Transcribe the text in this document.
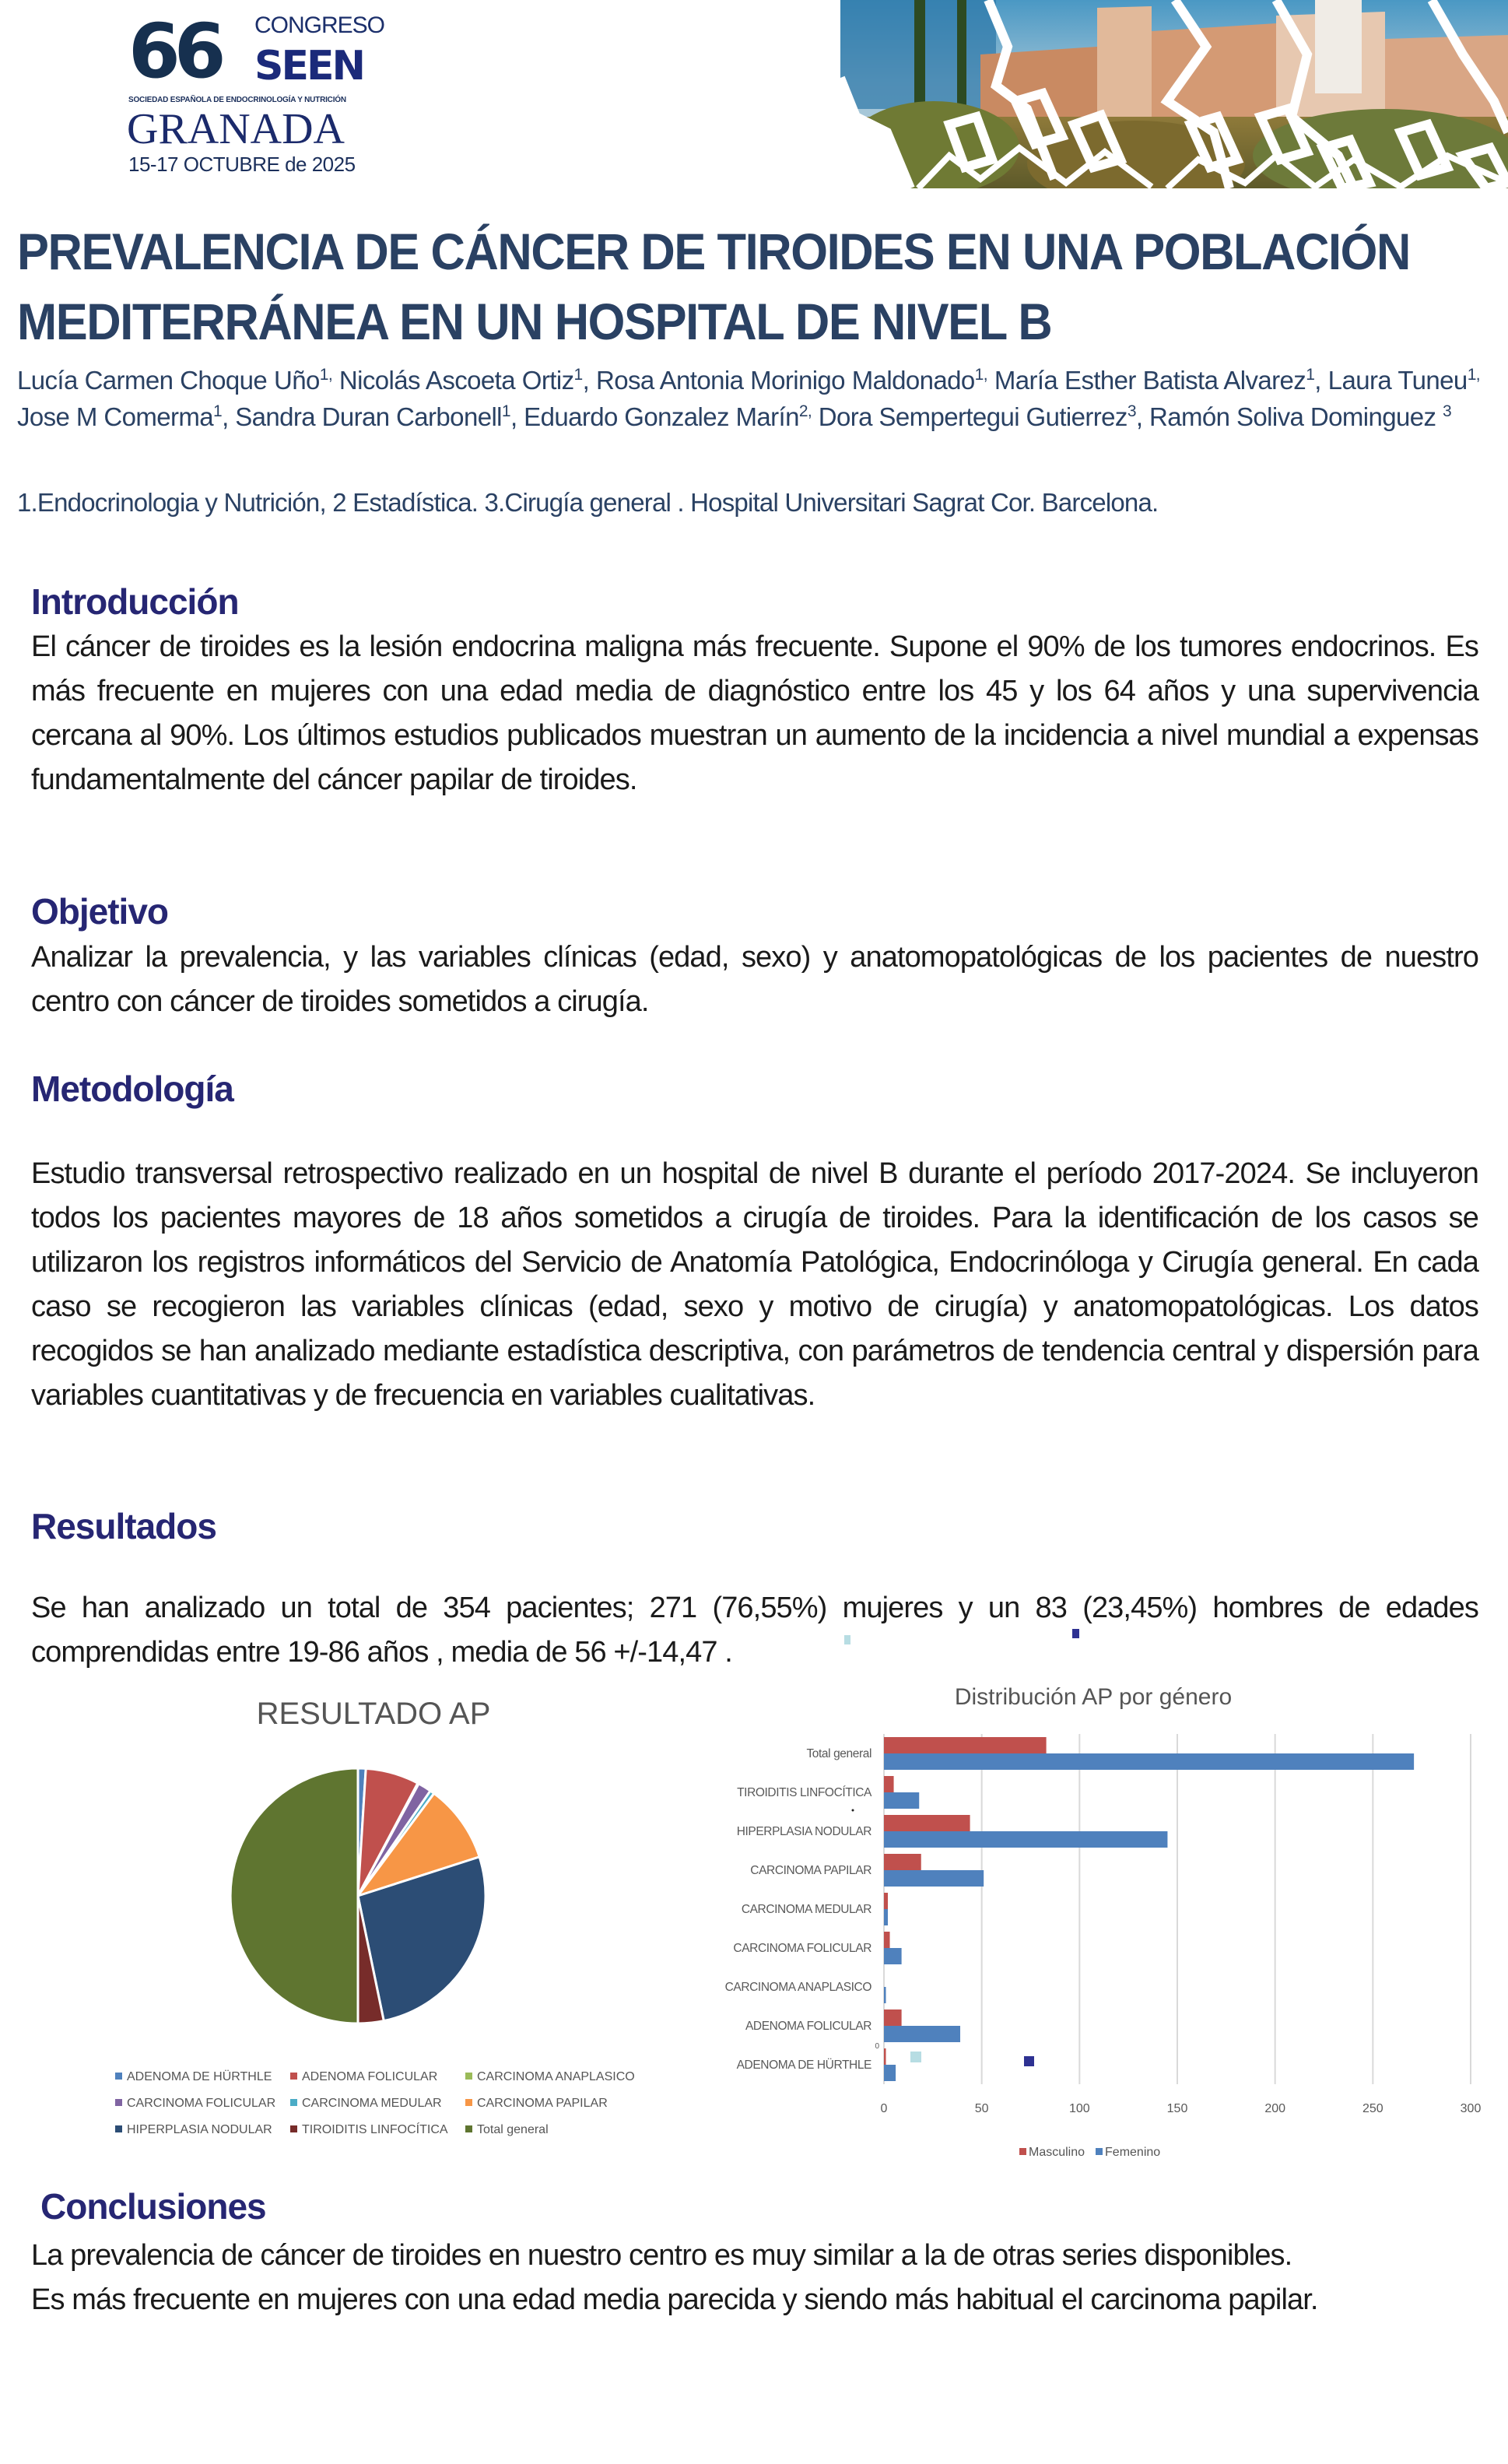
66 CONGRESO
SEEN
SOCIEDAD ESPAÑOLA DE ENDOCRINOLOGÍA Y NUTRICIÓN
GRANADA
15-17 OCTUBRE de 2025
PREVALENCIA DE CÁNCER DE TIROIDES EN UNA POBLACIÓN
MEDITERRÁNEA EN UN HOSPITAL DE NIVEL B
Lucía Carmen Choque Uño$^{1,}$ Nicolás Ascoeta Ortiz$^1$, Rosa Antonia Morinigo Maldonado$^{1,}$ María Esther Batista Alvarez$^1$, Laura Tuneu$^{1,}$ Jose M Comerma$^1$, Sandra Duran Carbonell$^1$, Eduardo Gonzalez Marín$^{2,}$ Dora Sempertegui Gutierrez$^3$, Ramón Soliva Dominguez $^3$
1.Endocrinologia y Nutrición, 2 Estadística. 3.Cirugía general . Hospital Universitari Sagrat Cor. Barcelona.
Introducción
El cáncer de tiroides es la lesión endocrina maligna más frecuente. Supone el 90% de los tumores endocrinos. Es más frecuente en mujeres con una edad media de diagnóstico entre los 45 y los 64 años y una supervivencia cercana al 90%. Los últimos estudios publicados muestran un aumento de la incidencia a nivel mundial a expensas fundamentalmente del cáncer papilar de tiroides.
Objetivo
Analizar la prevalencia, y las variables clínicas (edad, sexo) y anatomopatológicas de los pacientes de nuestro centro con cáncer de tiroides sometidos a cirugía.
Metodología
Estudio transversal retrospectivo realizado en un hospital de nivel B durante el período 2017-2024. Se incluyeron todos los pacientes mayores de 18 años sometidos a cirugía de tiroides. Para la identificación de los casos se utilizaron los registros informáticos del Servicio de Anatomía Patológica, Endocrinóloga y Cirugía general. En cada caso se recogieron las variables clínicas (edad, sexo y motivo de cirugía) y anatomopatológicas. Los datos recogidos se han analizado mediante estadística descriptiva, con parámetros de tendencia central y dispersión para variables cuantitativas y de frecuencia en variables cualitativas.
Resultados
Se han analizado un total de 354 pacientes; 271 (76,55%) mujeres y un 83 (23,45%) hombres de edades comprendidas entre 19-86 años , media de 56 +/-14,47 .
RESULTADO AP
ADENOMA DE HÜRTHLE	ADENOMA FOLICULAR	CARCINOMA ANAPLASICO
CARCINOMA FOLICULAR	CARCINOMA MEDULAR	CARCINOMA PAPILAR
HIPERPLASIA NODULAR	TIROIDITIS LINFOCÍTICA	Total general
Distribución AP por género
0	50	100	150	200	250	300
Total general
TIROIDITIS LINFOCÍTICA
HIPERPLASIA NODULAR
CARCINOMA PAPILAR
CARCINOMA MEDULAR
CARCINOMA FOLICULAR
CARCINOMA ANAPLASICO
ADENOMA FOLICULAR
ADENOMA DE HÜRTHLE
0
Masculino Femenino
Conclusiones

La prevalencia de cáncer de tiroides en nuestro centro es muy similar a la de otras series disponibles.

Es más frecuente en mujeres con una edad media parecida y siendo más habitual el carcinoma papilar.
